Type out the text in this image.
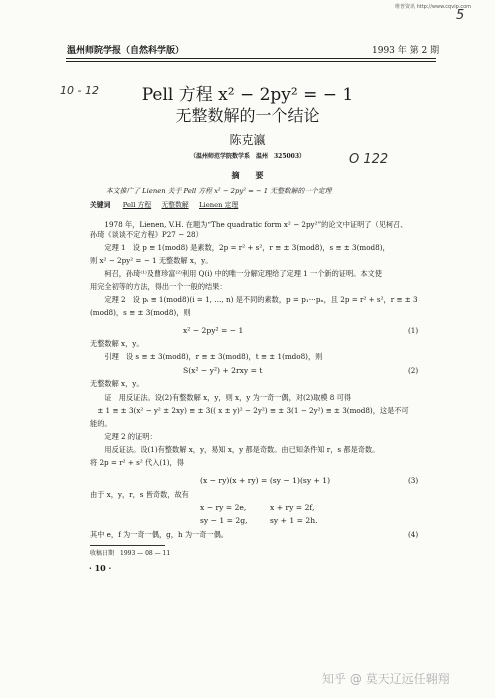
维普资讯 http://www.cqvip.com
5
温州师院学报（自然科学版）	1993 年 第 2 期
10 - 12
O 122
Pell 方程 x² − 2py² = − 1
无整数解的一个结论
陈克瀛
（温州师范学院数学系　温州　325003）
摘　　要
本文推广了 Lienen 关于 Pell 方程 x² − 2py² = − 1 无整数解的一个定理
关键词 Pell 方程 无整数解 Lienen 定理
　　1978 年，Lienen, V.H. 在题为“The quadratic form x² − 2py²”的论文中证明了（见柯召、
孙琦《谈谈不定方程》P27 − 28）
　　定理 1　设 p ≡ 1(mod8) 是素数，2p = r² + s²，r ≡ ± 3(mod8)，s ≡ ± 3(mod8)，
则 x² − 2py² = − 1 无整数解 x，y。
　　柯召，孙琦⁽¹⁾及曹珍富⁽²⁾利用 Q(i) 中的唯一分解定理给了定理 1 一个新的证明。本文使
用完全初等的方法，得出一个一般的结果：
　　定理 2　设 pᵢ ≡ 1(mod8)(i = 1, …, n) 是不同的素数，p = p₁⋯pₙ，且 2p = r² + s²，r ≡ ± 3
(mod8)，s ≡ ± 3(mod8)，则
x² − 2py² = − 1	(1)
无整数解 x，y。
　　引理　设 s ≡ ± 3(mod8)，r ≡ ± 3(mod8)，t ≡ ± 1(mdo8)，则
S(x² − y²) + 2rxy = t	(2)
无整数解 x，y。
　　证　用反证法。设(2)有整数解 x，y，则 x，y 为一奇一偶，对(2)取模 8 可得
　± 1 ≡ ± 3(x² − y² ± 2xy) ≡ ± 3(( x ± y)² − 2y²) ≡ ± 3(1 − 2y²) ≡ ± 3(mod8)，这是不可
能的。
　　定理 2 的证明：
　　用反证法。设(1)有整数解 x，y，易知 x，y 都是奇数。由已知条件知 r，s 都是奇数。
将 2p = r² + s² 代入(1)，得
(x − ry)(x + ry) = (sy − 1)(sy + 1)	(3)
由于 x，y，r，s 皆奇数，故有
x − ry = 2e,	x + ry = 2f,
sy − 1 = 2g,	sy + 1 = 2h.
其中 e，f 为一奇一偶，g，h 为一奇一偶。	(4)
收稿日期　1993 — 08 — 11
· 10 ·
知乎 @ 莫天辽远任翱翔
